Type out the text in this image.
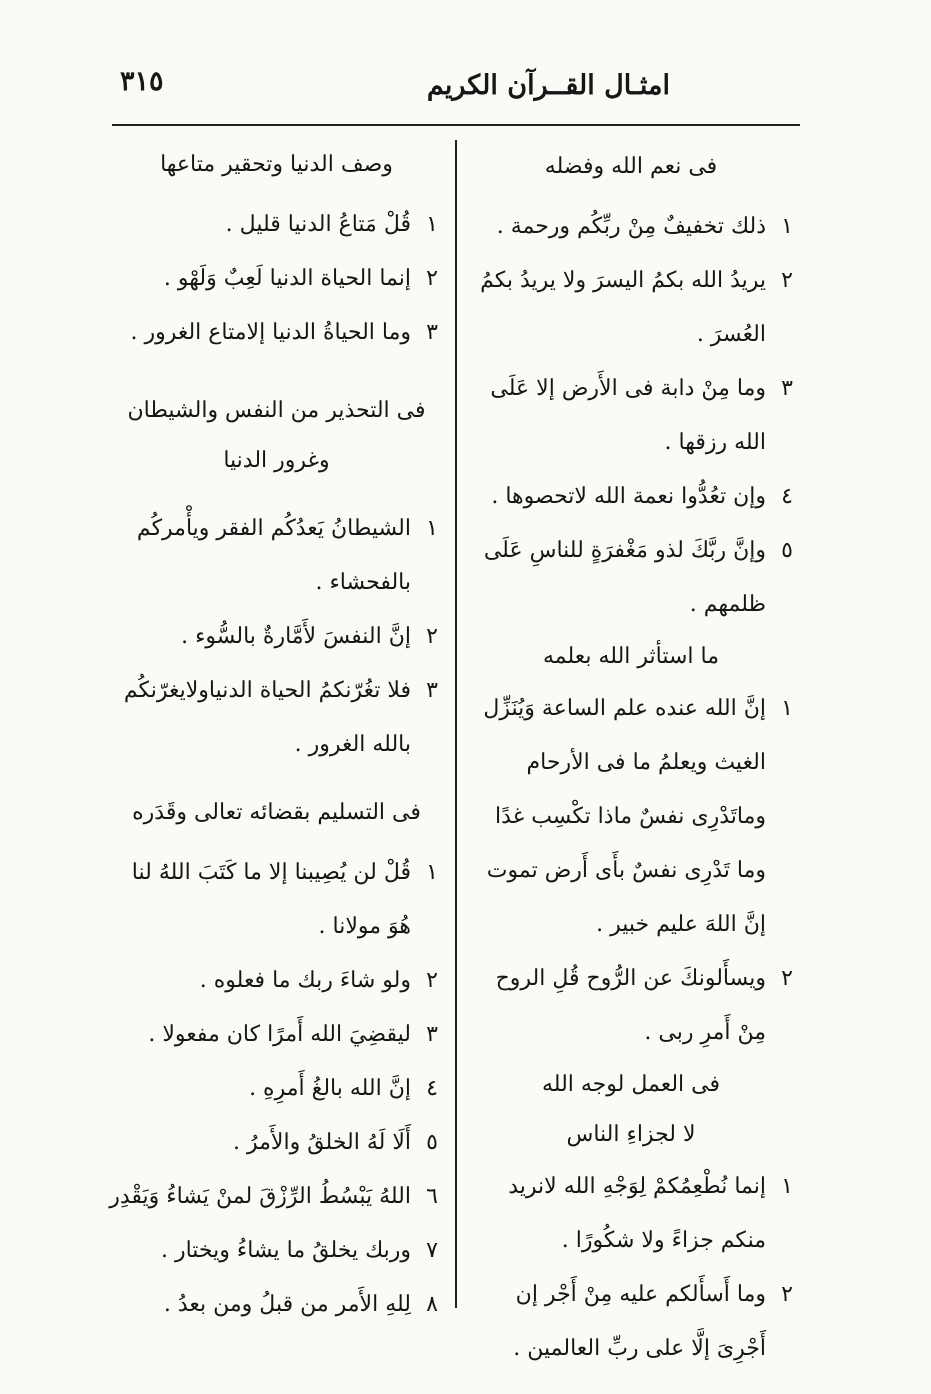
امثـال القــرآن الكريم
٣١٥
فى نعم الله وفضله
١
ذلك تخفيفٌ مِنْ ربِّكُم ورحمة .
٢
يريدُ الله بكمُ اليسرَ ولا يريدُ بكمُ العُسرَ .
٣
وما مِنْ دابة فى الأَرض إلا عَلَى الله رزقها .
٤
وإن تعُدُّوا نعمة الله لاتحصوها .
٥
وإنَّ ربَّكَ لذو مَغْفرَةٍ للناسِ عَلَى ظلمهم .
ما استأثر الله بعلمه
١
إنَّ الله عنده علم الساعة وَيُنَزِّل الغيث ويعلمُ ما فى الأرحام وماتَدْرِى نفسٌ ماذا تكْسِب غدًا وما تَدْرِى نفسٌ بأَى أَرض تموت إنَّ اللهَ عليم خبير .
٢
ويسأَلونكَ عن الرُّوح قُلِ الروح مِنْ أَمرِ ربى .
فى العمل لوجه الله
لا لجزاءِ الناس
١
إنما نُطْعِمُكمْ لِوَجْهِ الله لانريد منكم جزاءً ولا شكُورًا .
٢
وما أَسأَلكم عليه مِنْ أَجْر إن أَجْرِىَ إلَّا على ربِّ العالمين .
وصف الدنيا وتحقير متاعها
١
قُلْ مَتاعُ الدنيا قليل .
٢
إنما الحياة الدنيا لَعِبٌ وَلَهْو .
٣
وما الحياةُ الدنيا إلامتاع الغرور .
فى التحذير من النفس والشيطان
وغرور الدنيا
١
الشيطانُ يَعدُكُم الفقر ويأْمركُم بالفحشاء .
٢
إنَّ النفسَ لأَمَّارةٌ بالسُّوء .
٣
فلا تغُرّنكمُ الحياة الدنياولايغرّنكُم بالله الغرور .
فى التسليم بقضائه تعالى وقَدَره
١
قُلْ لن يُصِيبنا إلا ما كَتَبَ اللهُ لنا هُوَ مولانا .
٢
ولو شاءَ ربك ما فعلوه .
٣
ليقضِيَ الله أَمرًا كان مفعولا .
٤
إنَّ الله بالغُ أَمرِهِ .
٥
أَلَا لَهُ الخلقُ والأَمرُ .
٦
اللهُ يَبْسُطُ الرِّزْقَ لمنْ يَشاءُ وَيَقْدِر
٧
وربك يخلقُ ما يشاءُ ويختار .
٨
لِلهِ الأَمر من قبلُ ومن بعدُ .
